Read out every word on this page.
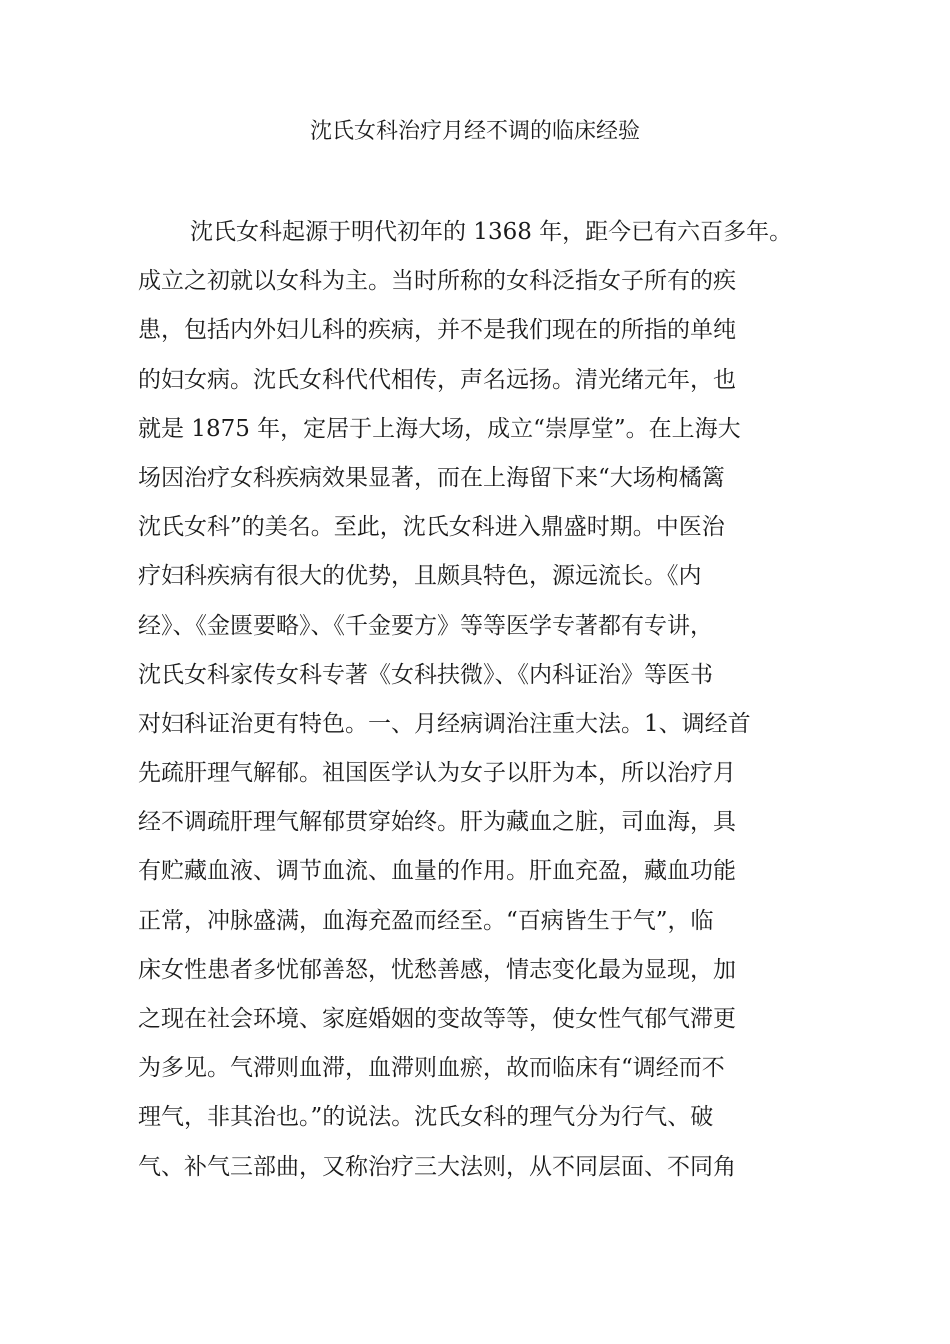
沈氏女科治疗月经不调的临床经验
沈氏女科起源于明代初年的 1368 年，距今已有六百多年。
成立之初就以女科为主。当时所称的女科泛指女子所有的疾
患，包括内外妇儿科的疾病，并不是我们现在的所指的单纯
的妇女病。沈氏女科代代相传，声名远扬。清光绪元年，也
就是 1875 年，定居于上海大场，成立“崇厚堂”。在上海大
场因治疗女科疾病效果显著，而在上海留下来“大场枸橘篱
沈氏女科”的美名。至此，沈氏女科进入鼎盛时期。中医治
疗妇科疾病有很大的优势，且颇具特色，源远流长。《内
经》、《金匮要略》、《千金要方》等等医学专著都有专讲，
沈氏女科家传女科专著《女科扶微》、《内科证治》等医书
对妇科证治更有特色。一、月经病调治注重大法。1、调经首
先疏肝理气解郁。祖国医学认为女子以肝为本，所以治疗月
经不调疏肝理气解郁贯穿始终。肝为藏血之脏，司血海，具
有贮藏血液、调节血流、血量的作用。肝血充盈，藏血功能
正常，冲脉盛满，血海充盈而经至。“百病皆生于气”，临
床女性患者多忧郁善怒，忧愁善感，情志变化最为显现，加
之现在社会环境、家庭婚姻的变故等等，使女性气郁气滞更
为多见。气滞则血滞，血滞则血瘀，故而临床有“调经而不
理气，非其治也。”的说法。沈氏女科的理气分为行气、破
气、补气三部曲，又称治疗三大法则，从不同层面、不同角
